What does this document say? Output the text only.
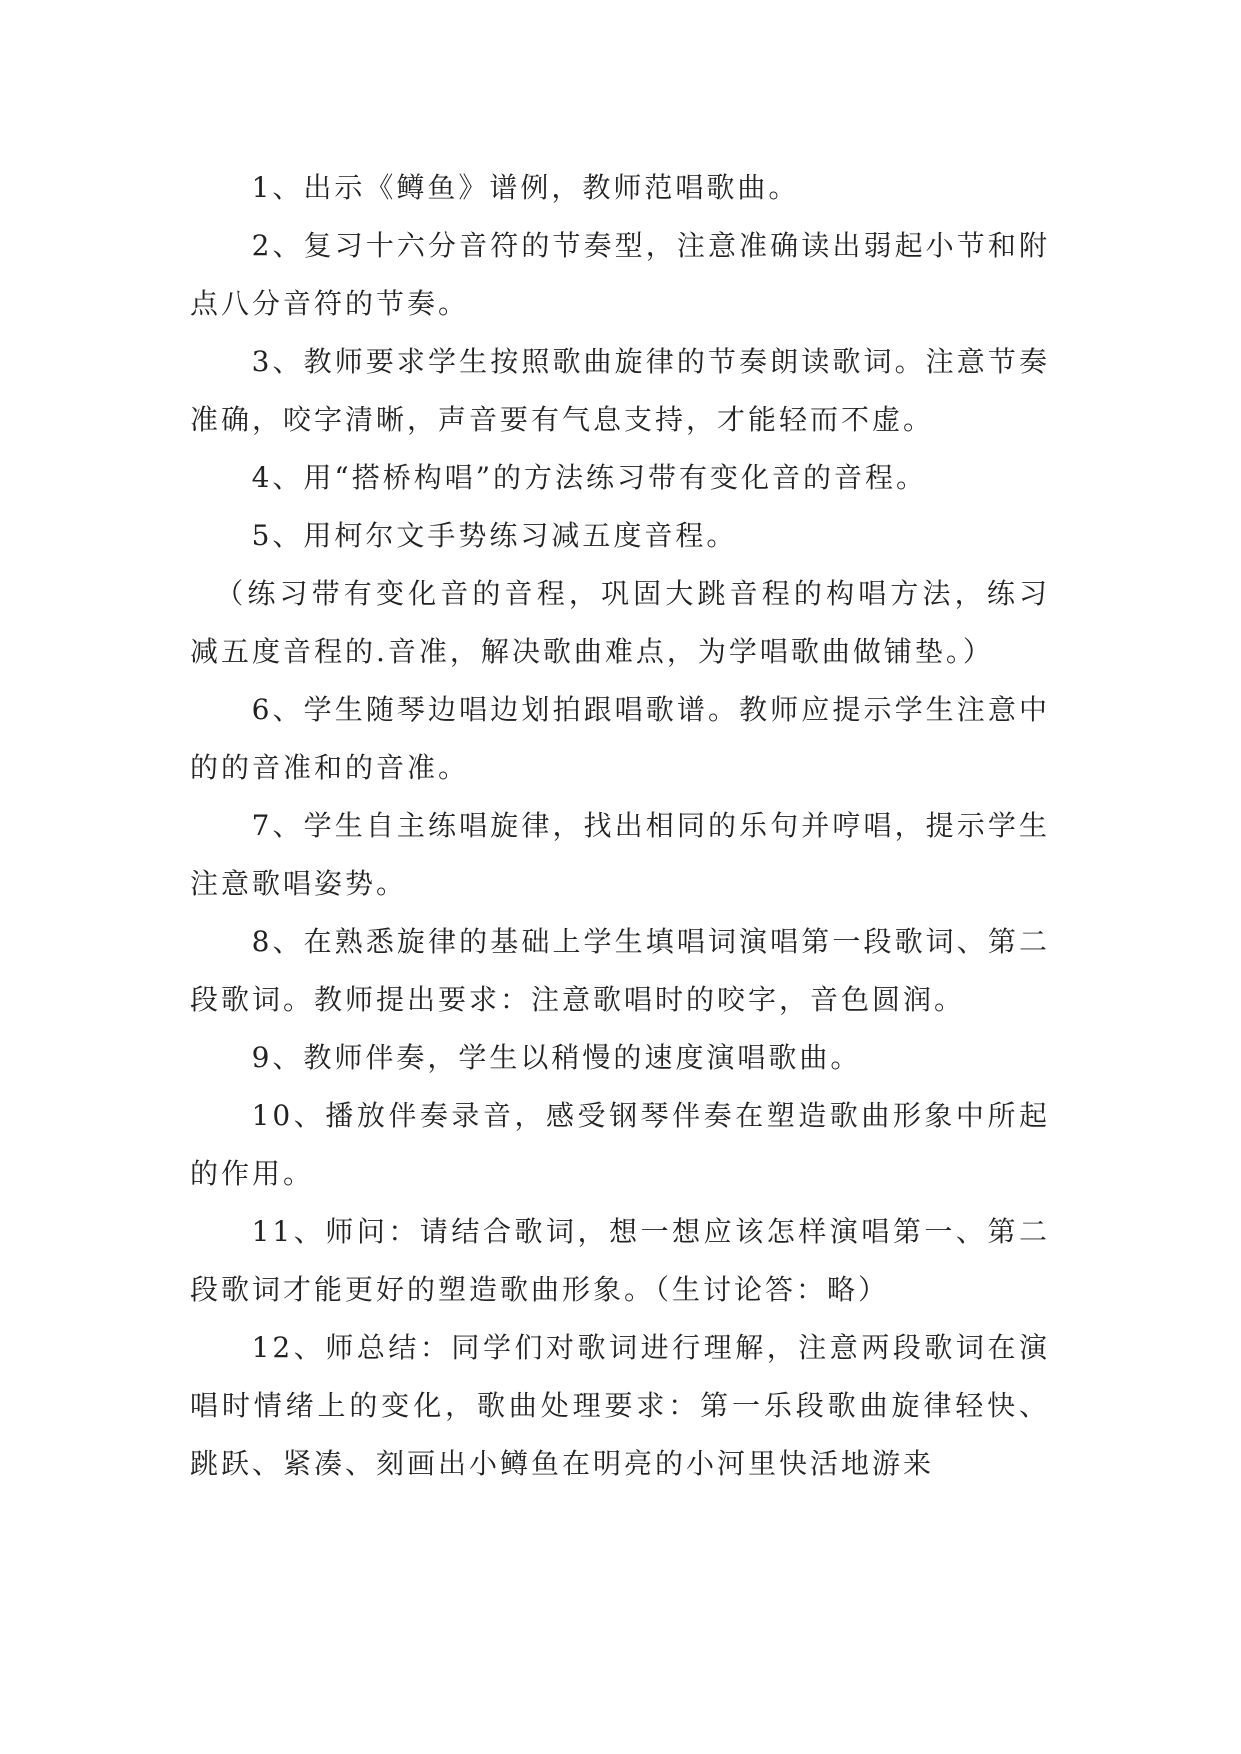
1、出示《鳟鱼》谱例，教师范唱歌曲。

2、复习十六分音符的节奏型，注意准确读出弱起小节和附点八分音符的节奏。

3、教师要求学生按照歌曲旋律的节奏朗读歌词。注意节奏准确，咬字清晰，声音要有气息支持，才能轻而不虚。

4、用“搭桥构唱”的方法练习带有变化音的音程。

5、用柯尔文手势练习减五度音程。

（练习带有变化音的音程，巩固大跳音程的构唱方法，练习减五度音程的.音准，解决歌曲难点，为学唱歌曲做铺垫。）

6、学生随琴边唱边划拍跟唱歌谱。教师应提示学生注意中的的音准和的音准。

7、学生自主练唱旋律，找出相同的乐句并哼唱，提示学生注意歌唱姿势。

8、在熟悉旋律的基础上学生填唱词演唱第一段歌词、第二段歌词。教师提出要求：注意歌唱时的咬字，音色圆润。

9、教师伴奏，学生以稍慢的速度演唱歌曲。

10、播放伴奏录音，感受钢琴伴奏在塑造歌曲形象中所起的作用。

11、师问：请结合歌词，想一想应该怎样演唱第一、第二段歌词才能更好的塑造歌曲形象。（生讨论答：略）

12、师总结：同学们对歌词进行理解，注意两段歌词在演唱时情绪上的变化，歌曲处理要求：第一乐段歌曲旋律轻快、跳跃、紧凑、刻画出小鳟鱼在明亮的小河里快活地游来
